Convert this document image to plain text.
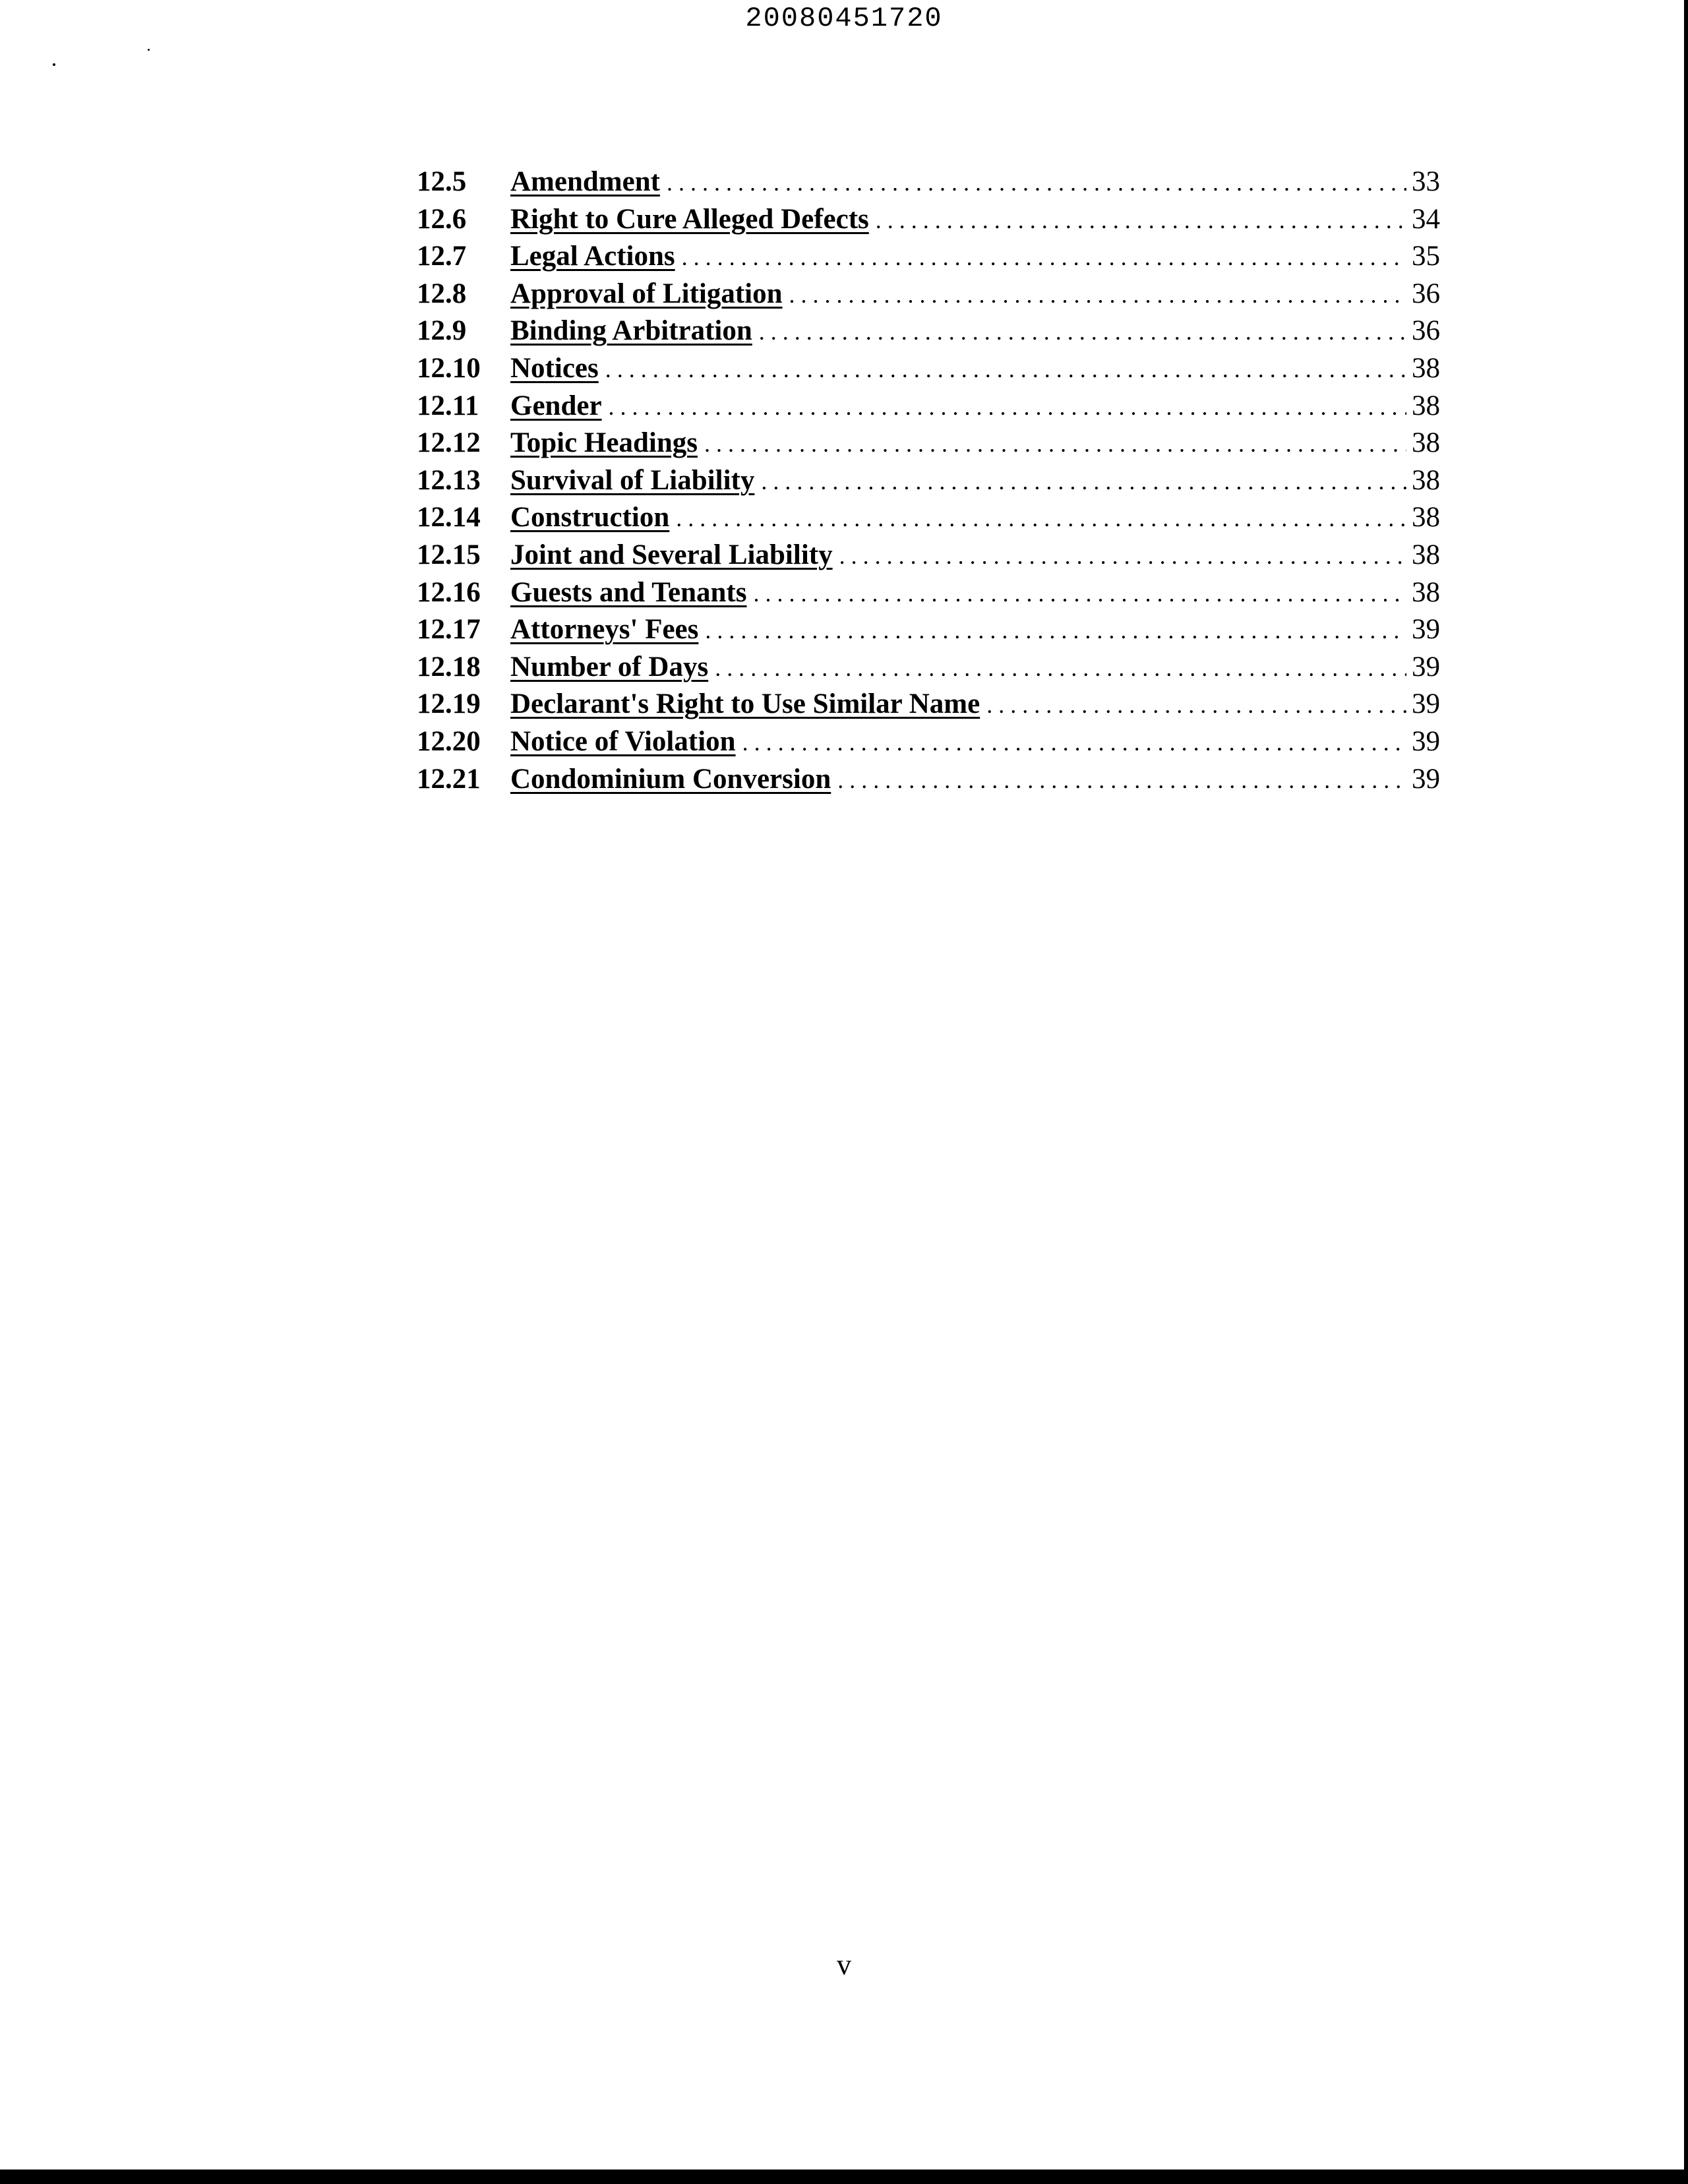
20080451720
12.5	Amendment . . .	33
12.6	Right to Cure Alleged Defects . . .	34
12.7	Legal Actions . . .	35
12.8	Approval of Litigation . . .	36
12.9	Binding Arbitration . . .	36
12.10	Notices . . .	38
12.11	Gender . . .	38
12.12	Topic Headings . . .	38
12.13	Survival of Liability . . .	38
12.14	Construction . . .	38
12.15	Joint and Several Liability . . .	38
12.16	Guests and Tenants . . .	38
12.17	Attorneys' Fees . . .	39
12.18	Number of Days . . .	39
12.19	Declarant's Right to Use Similar Name . . .	39
12.20	Notice of Violation . . .	39
12.21	Condominium Conversion . . .	39
v
